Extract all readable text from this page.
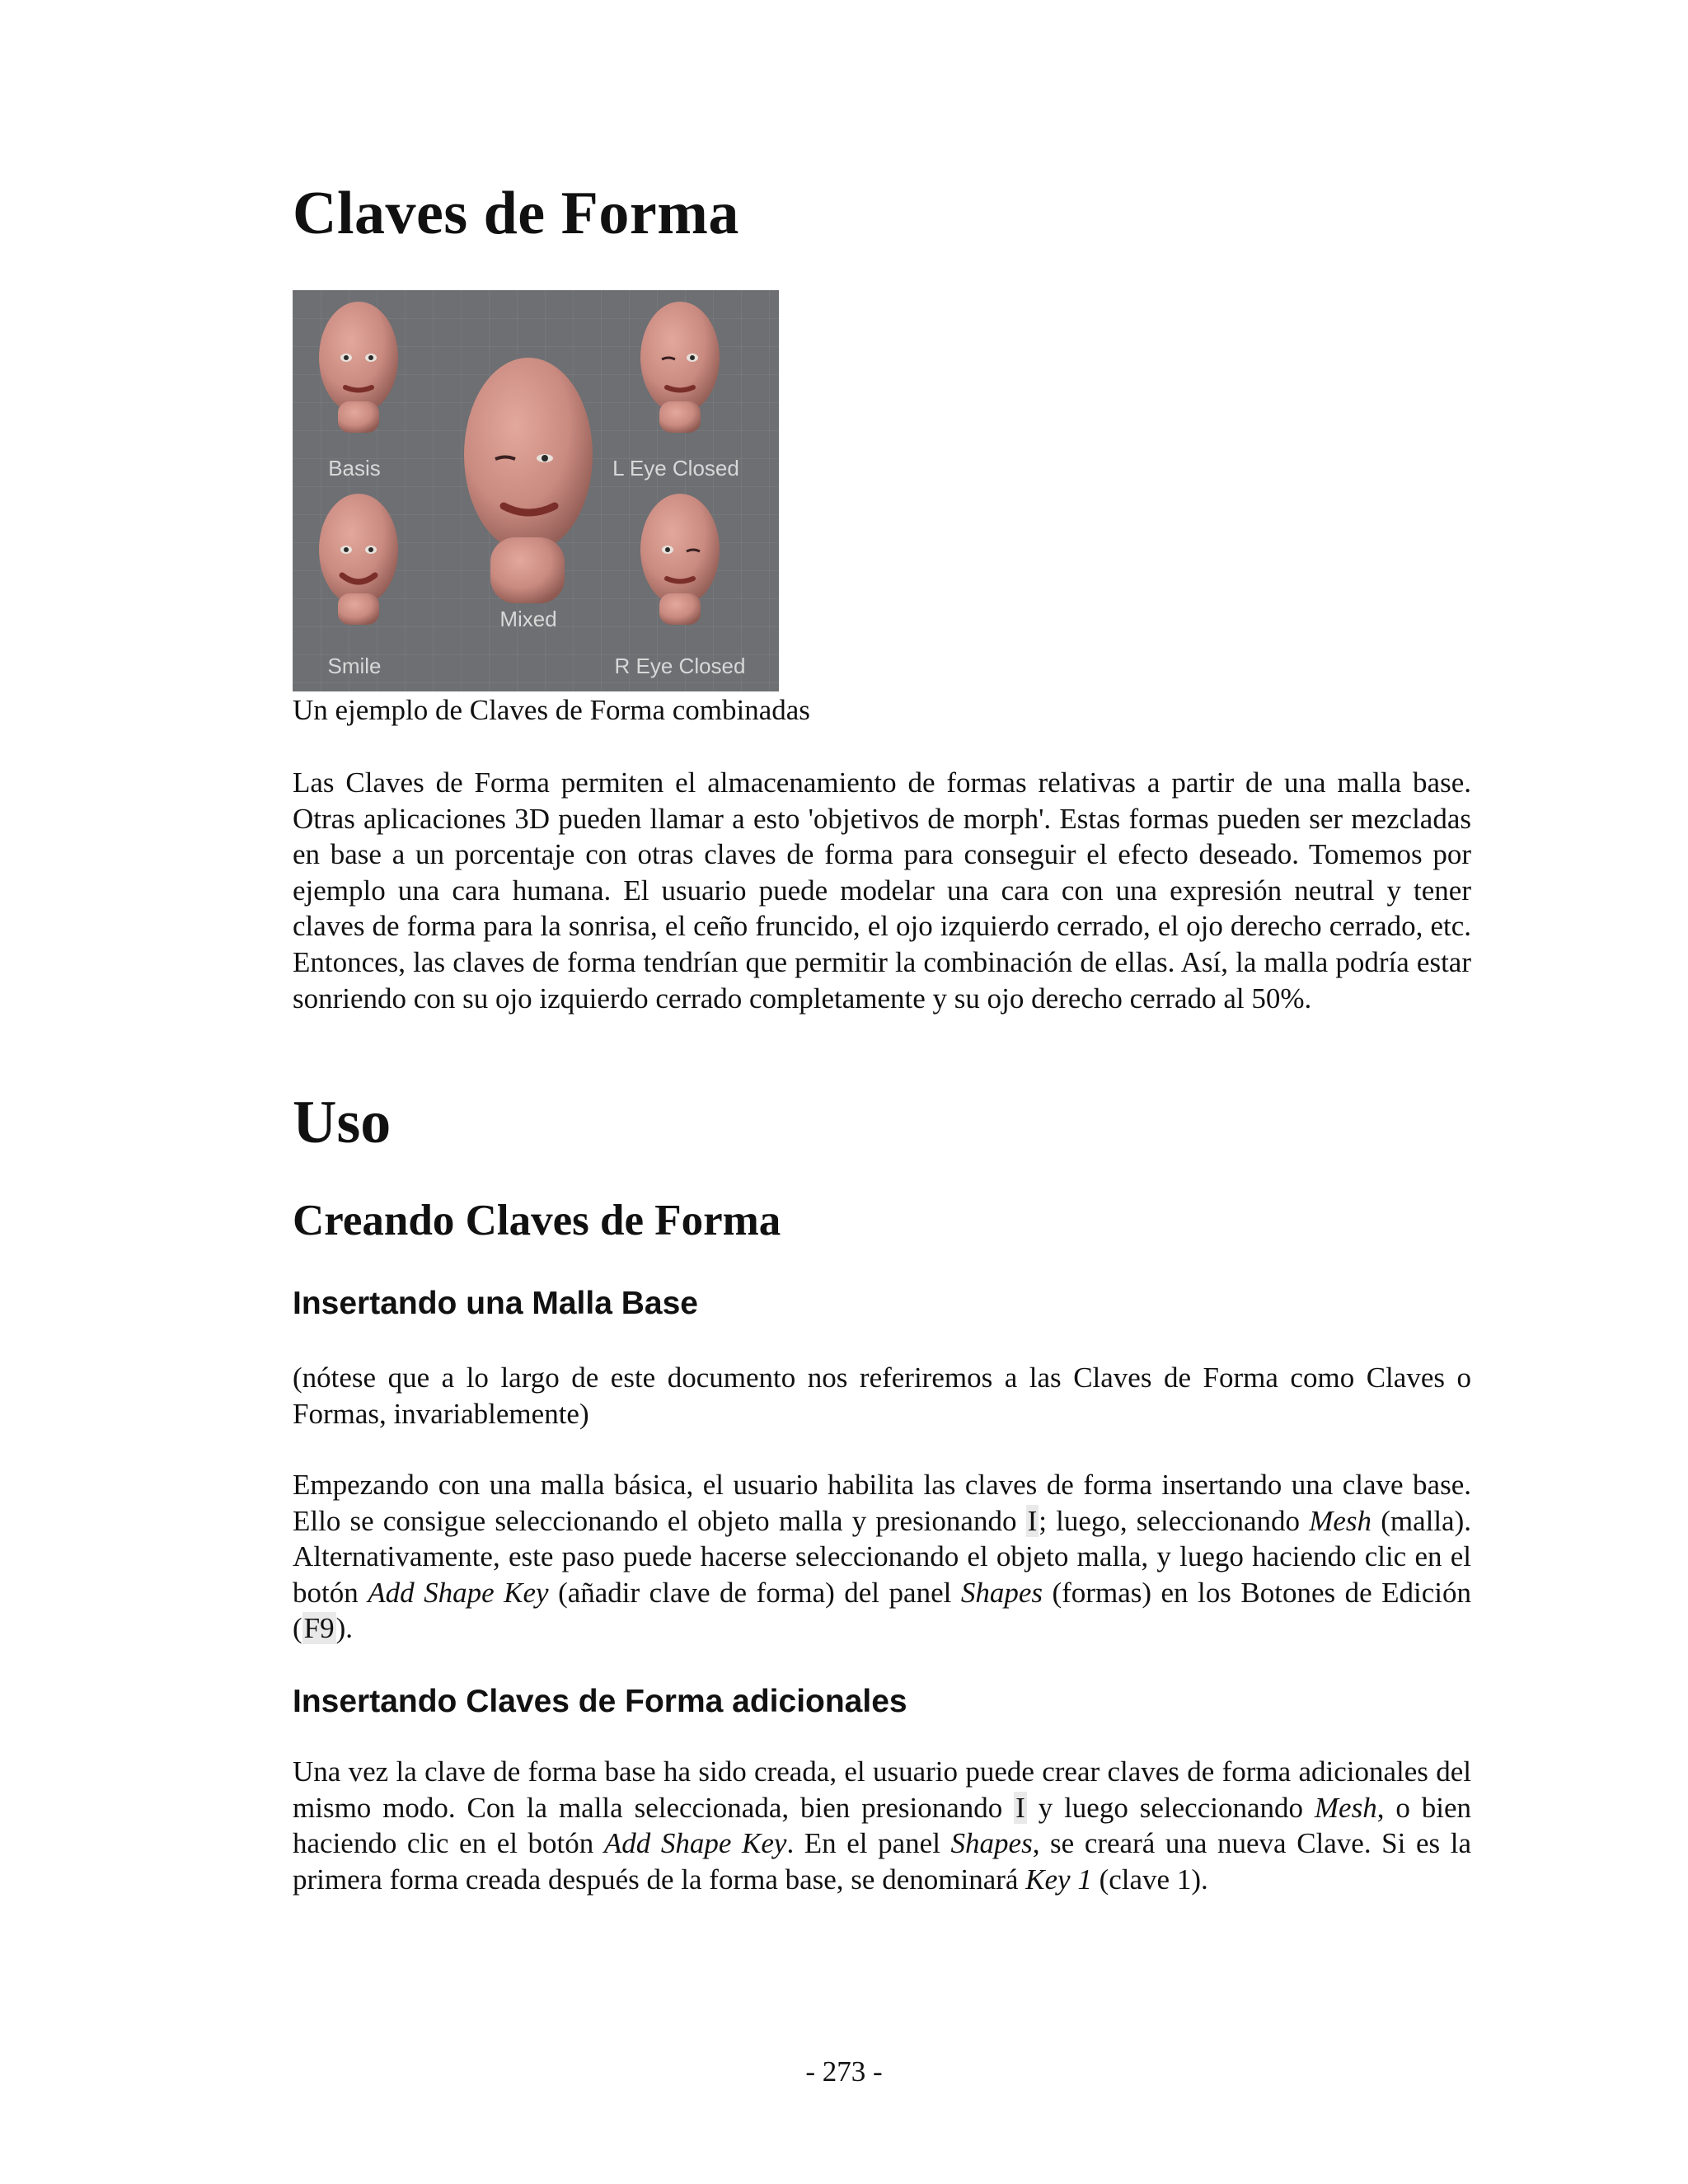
Claves de Forma
Basis	L Eye Closed
Mixed
Smile	R Eye Closed

Un ejemplo de Claves de Forma combinadas

Las Claves de Forma permiten el almacenamiento de formas relativas a partir de una malla base. Otras aplicaciones 3D pueden llamar a esto 'objetivos de morph'. Estas formas pueden ser mezcladas en base a un porcentaje con otras claves de forma para conseguir el efecto deseado. Tomemos por ejemplo una cara humana. El usuario puede modelar una cara con una expresión neutral y tener claves de forma para la sonrisa, el ceño fruncido, el ojo izquierdo cerrado, el ojo derecho cerrado, etc. Entonces, las claves de forma tendrían que permitir la combinación de ellas. Así, la malla podría estar sonriendo con su ojo izquierdo cerrado completamente y su ojo derecho cerrado al 50%.

Uso
Creando Claves de Forma
Insertando una Malla Base

(nótese que a lo largo de este documento nos referiremos a las Claves de Forma como Claves o Formas, invariablemente)

Empezando con una malla básica, el usuario habilita las claves de forma insertando una clave base. Ello se consigue seleccionando el objeto malla y presionando I; luego, seleccionando Mesh (malla). Alternativamente, este paso puede hacerse seleccionando el objeto malla, y luego haciendo clic en el botón Add Shape Key (añadir clave de forma) del panel Shapes (formas) en los Botones de Edición (F9).

Insertando Claves de Forma adicionales

Una vez la clave de forma base ha sido creada, el usuario puede crear claves de forma adicionales del mismo modo. Con la malla seleccionada, bien presionando I y luego seleccionando Mesh, o bien haciendo clic en el botón Add Shape Key. En el panel Shapes, se creará una nueva Clave. Si es la primera forma creada después de la forma base, se denominará Key 1 (clave 1).

- 273 -
